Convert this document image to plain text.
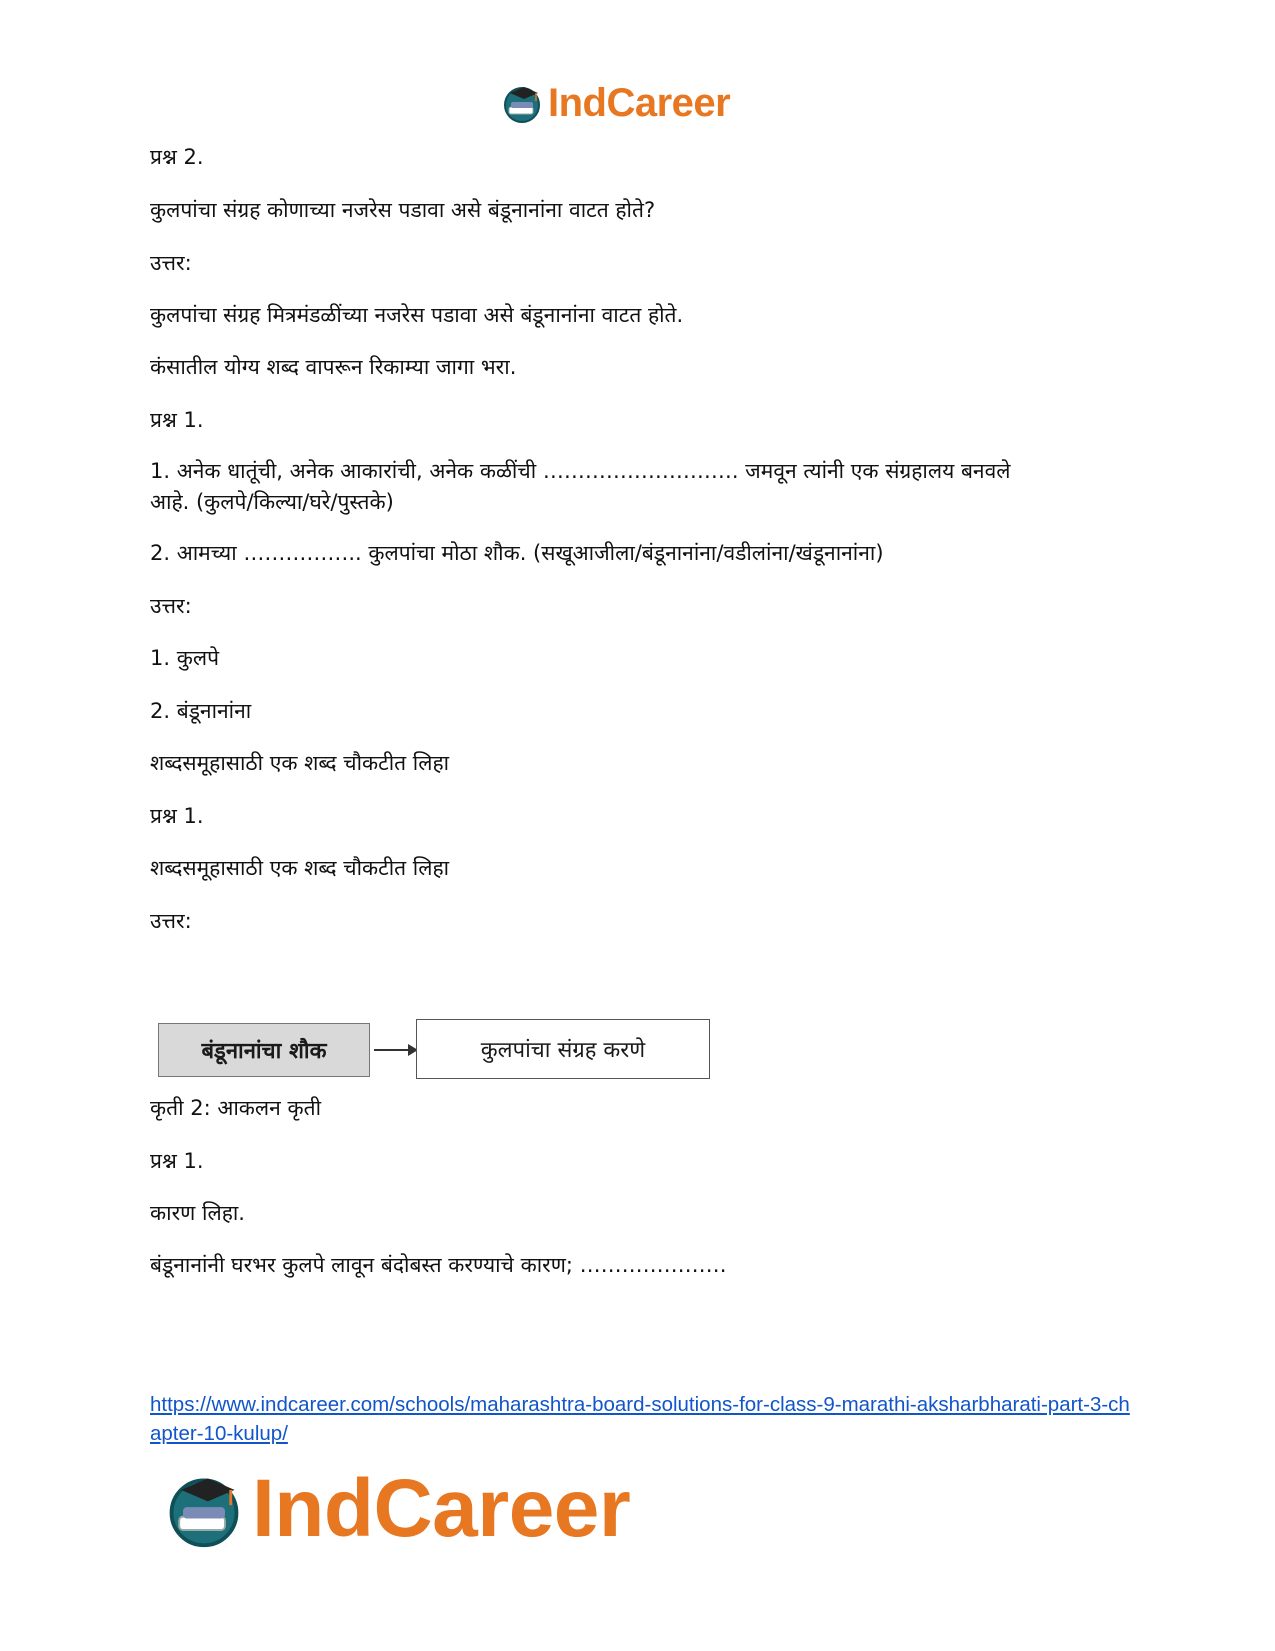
IndCareer
प्रश्न 2.
कुलपांचा संग्रह कोणाच्या नजरेस पडावा असे बंडूनानांना वाटत होते?
उत्तर:
कुलपांचा संग्रह मित्रमंडळींच्या नजरेस पडावा असे बंडूनानांना वाटत होते.
कंसातील योग्य शब्द वापरून रिकाम्या जागा भरा.
प्रश्न 1.
1. अनेक धातूंची, अनेक आकारांची, अनेक कळींची ………………………. जमवून त्यांनी एक संग्रहालय बनवले आहे. (कुलपे/किल्या/घरे/पुस्तके)
2. आमच्या …………….. कुलपांचा मोठा शौक. (सखूआजीला/बंडूनानांना/वडीलांना/खंडूनानांना)
उत्तर:
1. कुलपे
2. बंडूनानांना
शब्दसमूहासाठी एक शब्द चौकटीत लिहा
प्रश्न 1.
शब्दसमूहासाठी एक शब्द चौकटीत लिहा
उत्तर:
कृती 2: आकलन कृती
प्रश्न 1.
कारण लिहा.
बंडूनानांनी घरभर कुलपे लावून बंदोबस्त करण्याचे कारण; …………………
बंडूनानांचा शौक	कुलपांचा संग्रह करणे
https://www.indcareer.com/schools/maharashtra-board-solutions-for-class-9-marathi-aksharbharati-part-3-chapter-10-kulup/
IndCareer
